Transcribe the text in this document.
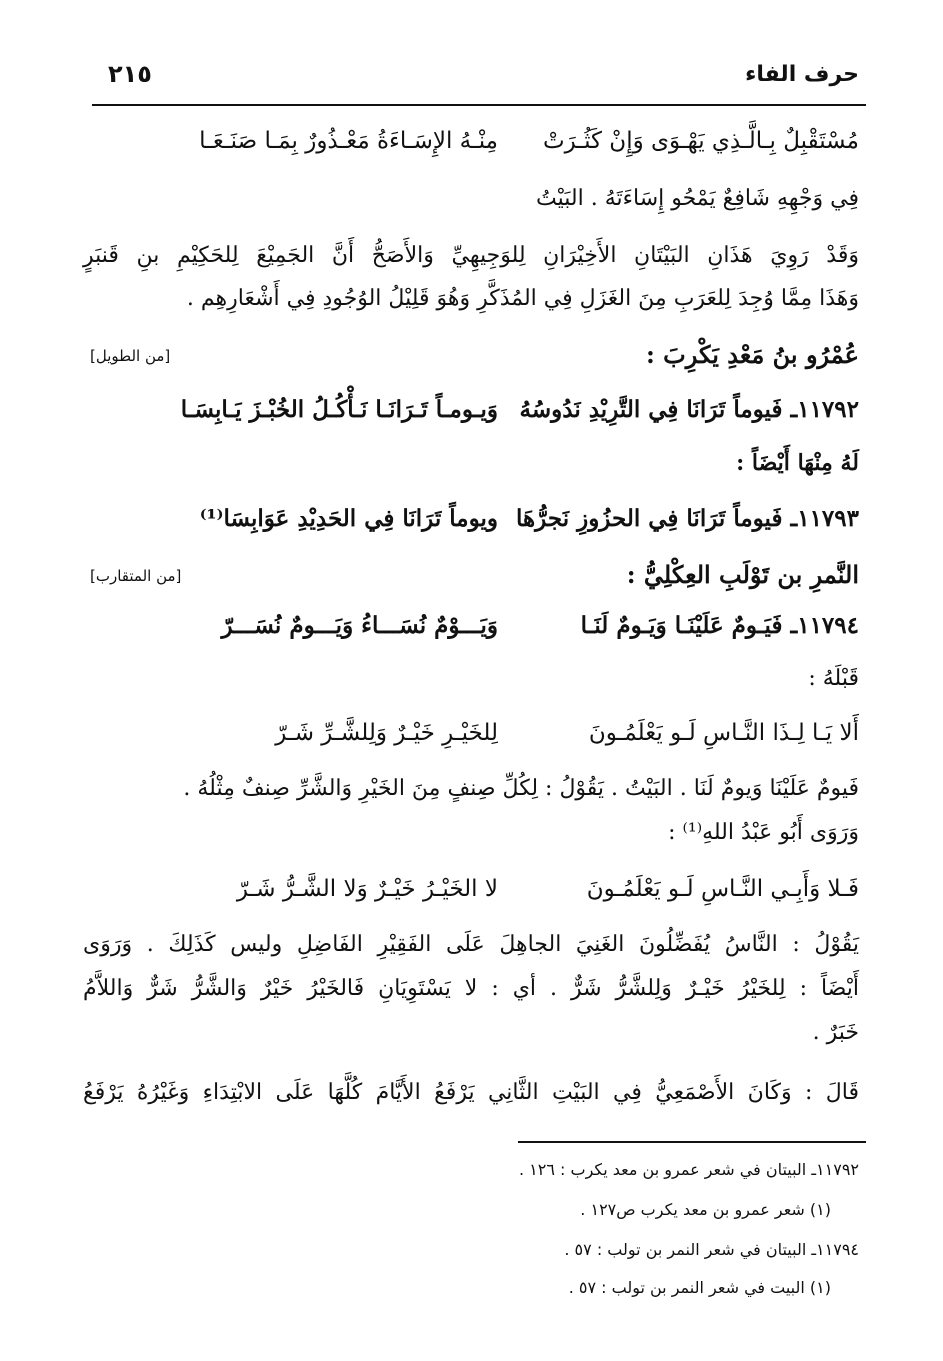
حرف الفاء
٢١٥
مُسْتَقْبِلٌ بِـالَّـذِي يَهْـوَى وَإِنْ كَثُـرَتْ
مِنْـهُ الإِسَـاءَةُ مَعْـذُورٌ بِمَـا صَنَـعَـا
فِي وَجْهِهِ شَافِعٌ يَمْحُو إِسَاءَتَهُ . البَيْتُ
وَقَدْ رَوِيَ هَذَانِ البَيْتَانِ الأَخِيْرَانِ لِلوَجِيهِيِّ وَالأَصَحُّ أَنَّ الجَمِيْعَ لِلحَكِيْمِ بنِ قَنبَرٍ
وَهَذَا مِمَّا وُجِدَ لِلعَرَبِ مِنَ الغَزَلِ فِي المُذَكَّرِ وَهُوَ قَلِيْلُ الوُجُودِ فِي أَشْعَارِهِم .
عُمْرُو بنُ مَعْدِ يَكْرِبَ :
[من الطويل]
١١٧٩٢ـ فَيوماً تَرَانَا فِي التَّرِيْدِ نَدُوسُهُ
وَيـومـاً تَـرَانَـا نَـأْكُـلُ الخُبْـزَ يَـابِسَـا
لَهُ مِنْهَا أَيْضَاً :
١١٧٩٣ـ فَيوماً تَرَانَا فِي الحزُوزِ نَجرُّهَا
ويوماً تَرَانَا فِي الحَدِيْدِ عَوَابِسَا⁽¹⁾
النَّمرِ بن تَوْلَبِ العِكْلِيُّ :
[من المتقارب]
١١٧٩٤ـ فَيَـومٌ عَلَيْنَـا وَيَـومٌ لَنَـا
وَيَـــوْمٌ نُسَـــاءُ وَيَـــومٌ نُسَـــرّ
قَبْلَهُ :
أَلا يَـا لِـذَا النَّـاسِ لَـو يَعْلَمُـونَ
لِلخَيْـرِ خَيْـرٌ وَلِلشَّـرِّ شَـرّ
فَيومٌ عَلَيْنَا وَيومٌ لَنَا . البَيْتُ . يَقُوْلُ : لِكُلِّ صِنفٍ مِنَ الخَيْرِ وَالشَّرِّ صِنفٌ مِثْلُهُ .
وَرَوَى أَبُو عَبْدُ اللهِ⁽¹⁾ :
فَـلا وَأَبِـي النَّـاسِ لَـو يَعْلَمُـونَ
لا الخَيْـرُ خَيْـرٌ وَلا الشَّـرُّ شَـرّ
يَقُوْلُ : النَّاسُ يُفَضِّلُونَ الغَنِيَ الجاهِلَ عَلَى الفَقِيْرِ الفَاضِلِ وليس كَذَلِكَ . وَرَوَى
أَيْضَاً : لِلخَيْرُ خَيْـرٌ وَلِلشَّرُّ شَرٌّ . أي : لا يَسْتَوِيَانِ فَالخَيْرُ خَيْرٌ وَالشَّرُّ شَرٌّ وَاللاَّمُ
خَبَرٌ .
قَالَ : وَكَانَ الأَصْمَعِيُّ فِي البَيْتِ الثَّانِي يَرْفَعُ الأَيَّامَ كُلَّهَا عَلَى الابْتِدَاءِ وَغَيْرُهُ يَرْفَعُ
١١٧٩٢ـ البيتان في شعر عمرو بن معد يكرب : ١٢٦ .
(١) شعر عمرو بن معد يكرب ص١٢٧ .
١١٧٩٤ـ البيتان في شعر النمر بن تولب : ٥٧ .
(١) البيت في شعر النمر بن تولب : ٥٧ .
